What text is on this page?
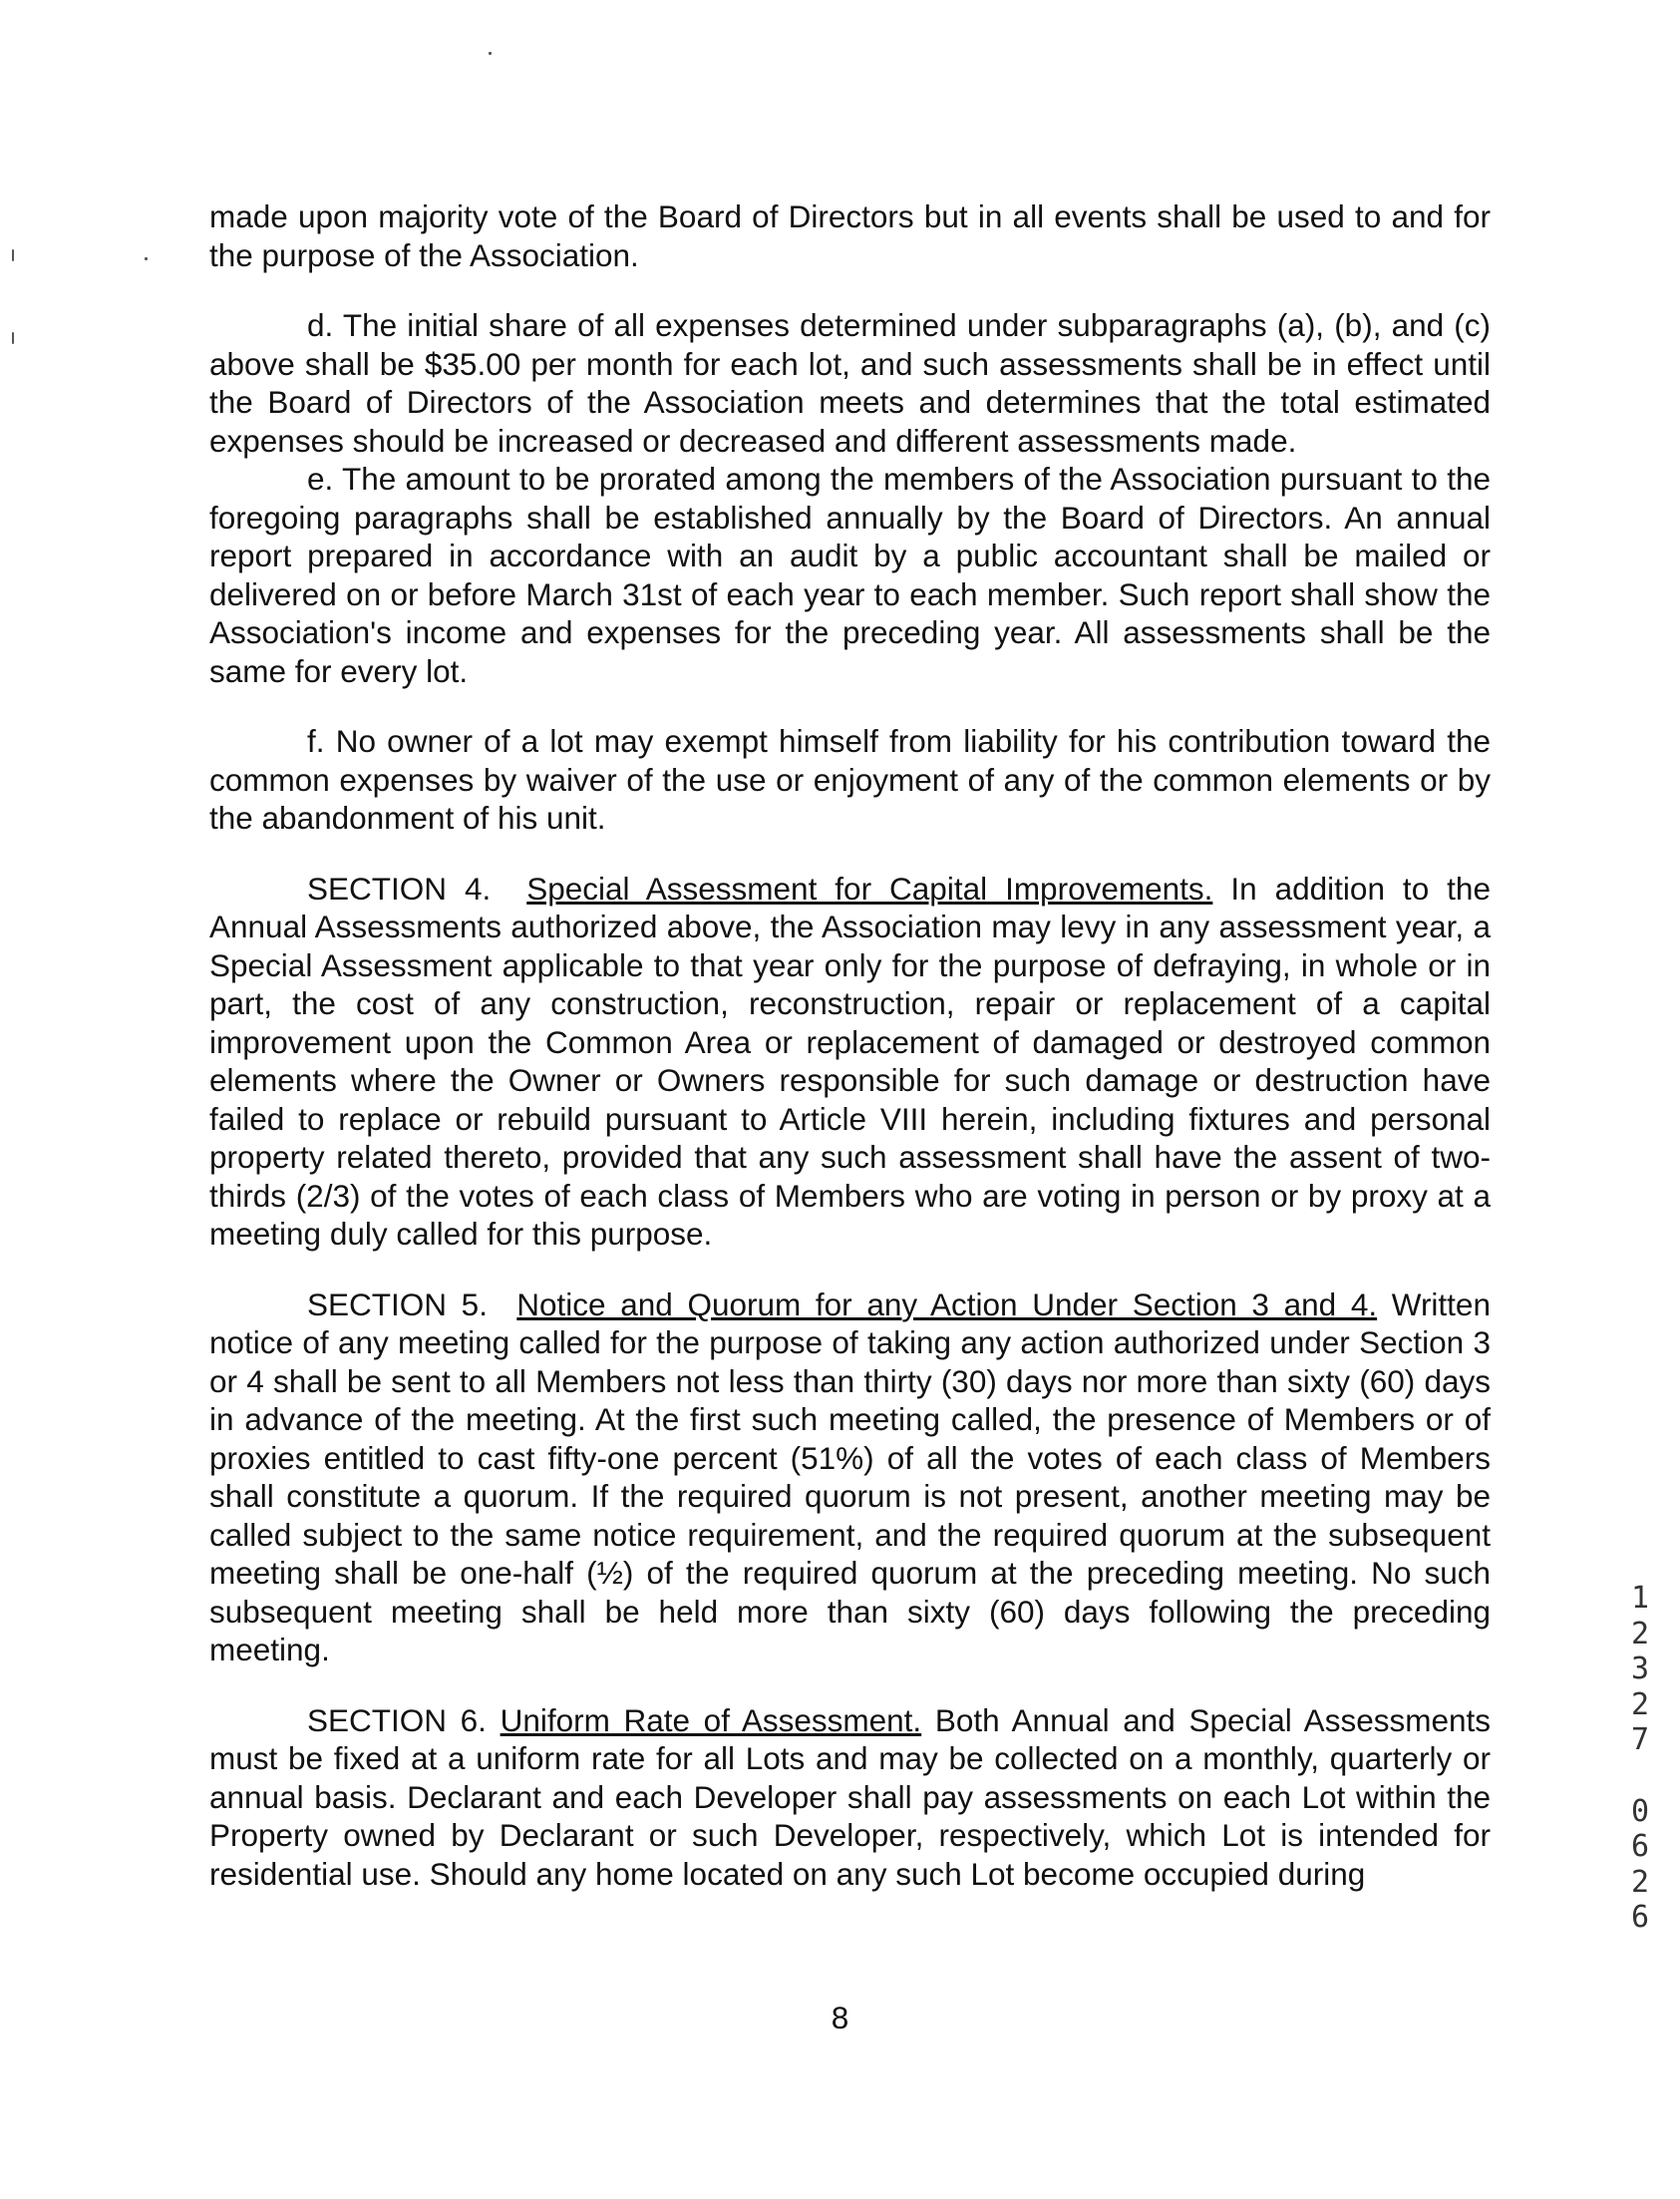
made upon majority vote of the Board of Directors but in all events shall be used to and for the purpose of the Association.

d. The initial share of all expenses determined under subparagraphs (a), (b), and (c) above shall be $35.00 per month for each lot, and such assessments shall be in effect until the Board of Directors of the Association meets and determines that the total estimated expenses should be increased or decreased and different assessments made.

e. The amount to be prorated among the members of the Association pursuant to the foregoing paragraphs shall be established annually by the Board of Directors. An annual report prepared in accordance with an audit by a public accountant shall be mailed or delivered on or before March 31st of each year to each member. Such report shall show the Association's income and expenses for the preceding year. All assessments shall be the same for every lot.

f. No owner of a lot may exempt himself from liability for his contribution toward the common expenses by waiver of the use or enjoyment of any of the common elements or by the abandonment of his unit.

SECTION 4. Special Assessment for Capital Improvements. In addition to the Annual Assessments authorized above, the Association may levy in any assessment year, a Special Assessment applicable to that year only for the purpose of defraying, in whole or in part, the cost of any construction, reconstruction, repair or replacement of a capital improvement upon the Common Area or replacement of damaged or destroyed common elements where the Owner or Owners responsible for such damage or destruction have failed to replace or rebuild pursuant to Article VIII herein, including fixtures and personal property related thereto, provided that any such assessment shall have the assent of two-thirds (2/3) of the votes of each class of Members who are voting in person or by proxy at a meeting duly called for this purpose.

SECTION 5. Notice and Quorum for any Action Under Section 3 and 4. Written notice of any meeting called for the purpose of taking any action authorized under Section 3 or 4 shall be sent to all Members not less than thirty (30) days nor more than sixty (60) days in advance of the meeting. At the first such meeting called, the presence of Members or of proxies entitled to cast fifty-one percent (51%) of all the votes of each class of Members shall constitute a quorum. If the required quorum is not present, another meeting may be called subject to the same notice requirement, and the required quorum at the subsequent meeting shall be one-half (½) of the required quorum at the preceding meeting. No such subsequent meeting shall be held more than sixty (60) days following the preceding meeting.

SECTION 6. Uniform Rate of Assessment. Both Annual and Special Assessments must be fixed at a uniform rate for all Lots and may be collected on a monthly, quarterly or annual basis. Declarant and each Developer shall pay assessments on each Lot within the Property owned by Declarant or such Developer, respectively, which Lot is intended for residential use. Should any home located on any such Lot become occupied during

1
2
3
2
7
0
6
2
6
8
